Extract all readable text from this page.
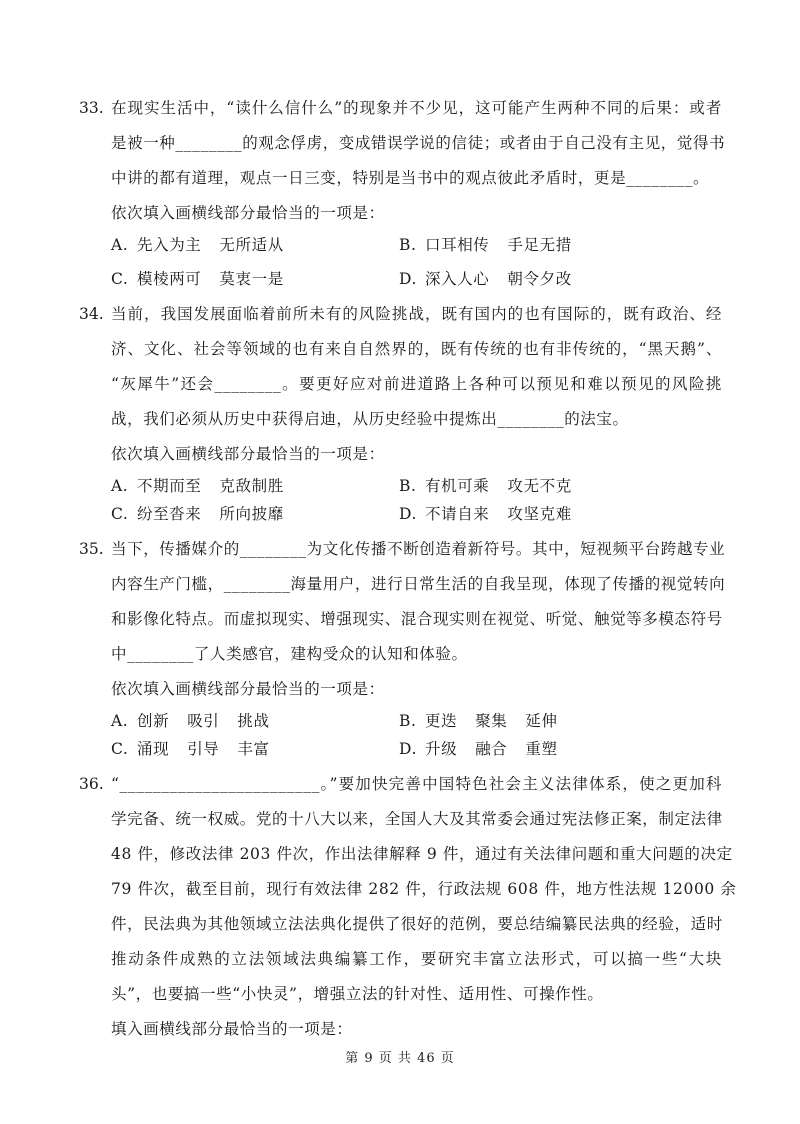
33. 在现实生活中，“读什么信什么”的现象并不少见，这可能产生两种不同的后果：或者
是被一种________的观念俘虏，变成错误学说的信徒；或者由于自己没有主见，觉得书
中讲的都有道理，观点一日三变，特别是当书中的观点彼此矛盾时，更是________。
依次填入画横线部分最恰当的一项是：
A. 先入为主 无所适从	B. 口耳相传 手足无措
C. 模棱两可 莫衷一是	D. 深入人心 朝令夕改
34. 当前，我国发展面临着前所未有的风险挑战，既有国内的也有国际的，既有政治、经
济、文化、社会等领域的也有来自自然界的，既有传统的也有非传统的，“黑天鹅”、
“灰犀牛”还会________。要更好应对前进道路上各种可以预见和难以预见的风险挑
战，我们必须从历史中获得启迪，从历史经验中提炼出________的法宝。
依次填入画横线部分最恰当的一项是：
A. 不期而至 克敌制胜	B. 有机可乘 攻无不克
C. 纷至沓来 所向披靡	D. 不请自来 攻坚克难
35. 当下，传播媒介的________为文化传播不断创造着新符号。其中，短视频平台跨越专业
内容生产门槛，________海量用户，进行日常生活的自我呈现，体现了传播的视觉转向
和影像化特点。而虚拟现实、增强现实、混合现实则在视觉、听觉、触觉等多模态符号
中________了人类感官，建构受众的认知和体验。
依次填入画横线部分最恰当的一项是：
A. 创新 吸引 挑战	B. 更迭 聚集 延伸
C. 涌现 引导 丰富	D. 升级 融合 重塑
36. “________________________。”要加快完善中国特色社会主义法律体系，使之更加科
学完备、统一权威。党的十八大以来，全国人大及其常委会通过宪法修正案，制定法律
48 件，修改法律 203 件次，作出法律解释 9 件，通过有关法律问题和重大问题的决定
79 件次，截至目前，现行有效法律 282 件，行政法规 608 件，地方性法规 12000 余
件，民法典为其他领域立法法典化提供了很好的范例，要总结编纂民法典的经验，适时
推动条件成熟的立法领域法典编纂工作，要研究丰富立法形式，可以搞一些“大块
头”，也要搞一些“小快灵”，增强立法的针对性、适用性、可操作性。
填入画横线部分最恰当的一项是：
第 9 页 共 46 页
